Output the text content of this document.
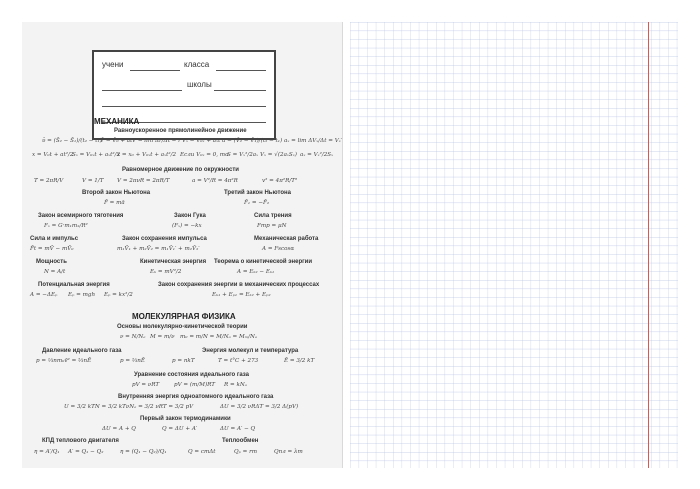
учени	класса
школы
МЕХАНИКА
Равноускоренное прямолинейное движение
ῡ = (S̄₂ − S̄₁)/(t₂ − t₁)
V̄ = V̄₀ + āt V = lim Δr/Δt = r′ Vₓ = V₀ₓ + aₓt ā = (V̄₂ − V̄₁)/(t₂ − t₁) aₓ = lim ΔVₓ/Δt = Vₓ′
x = V₀t + at²/2
Sₓ = V₀ₓt + aₓt²/2
x = x₀ + V₀ₓt + aₓt²/2 Если V₀ₓ = 0, то
S = Vₓ²/2aₓ Vₓ = √(2aₓSₓ) aₓ = Vₓ²/2Sₓ
Равномерное движение по окружности
T = 2πR/V	V = 1/T V = 2πνR = 2πR/T	a = V²/R = 4π²R	v² = 4π²R/T²
Второй закон Ньютона	Третий закон Ньютона
F̄ = mā	F̄₁ = −F̄₂
Закон всемирного тяготения	Закон Гука	Сила трения
Fₓ = G·m₁m₂/R²	(Fₓ) = −kx	Fтр = μN
Сила и импульс	Закон сохранения импульса	Механическая работа
F̄t = mV̄ − mV̄₀	m₁V̄₁ + m₂V̄₂ = m₁V̄₁′ + m₂V̄₂′	A = Fscosα
Мощность	Кинетическая энергия Теорема о кинетической энергии
N = A/t	Eₖ = mV²/2	A = Eₖ₂ − Eₖ₁
Потенциальная энергия	Закон сохранения энергии в механических процессах
A = −ΔEₚ Eₚ = mgh Eₚ = kx²/2	Eₖ₁ + Eₚ₁ = Eₖ₂ + Eₚ₂
МОЛЕКУЛЯРНАЯ ФИЗИКА
Основы молекулярно-кинетической теории
ν = N/Nₐ M = m/ν m₀ = m/N = M/Nₐ = Mₘ/Nₐ
Давление идеального газа	Энергия молекул и температура
p = ⅓nm₀v̄² = ⅔nĒ	p = ⅔nĒ	p = nkT	T = t°C + 273	Ē = 3/2 kT
Уравнение состояния идеального газа
pV = νRT	pV = (m/M)RT R = kNₐ
Внутренняя энергия одноатомного идеального газа
U = 3/2 kTN = 3/2 kTνNₐ = 3/2 νRT = 3/2 pV	ΔU = 3/2 νRΔT = 3/2 Δ(pV)
Первый закон термодинамики
ΔU = A + Q	Q = ΔU + A′	ΔU = A′ − Q
КПД теплового двигателя	Теплообмен
η = A′/Q₁ A′ = Q₁ − Q₂	η = (Q₁ − Q₂)/Q₁	Q = cmΔt	Qₚ = rm	Qпл = λm
